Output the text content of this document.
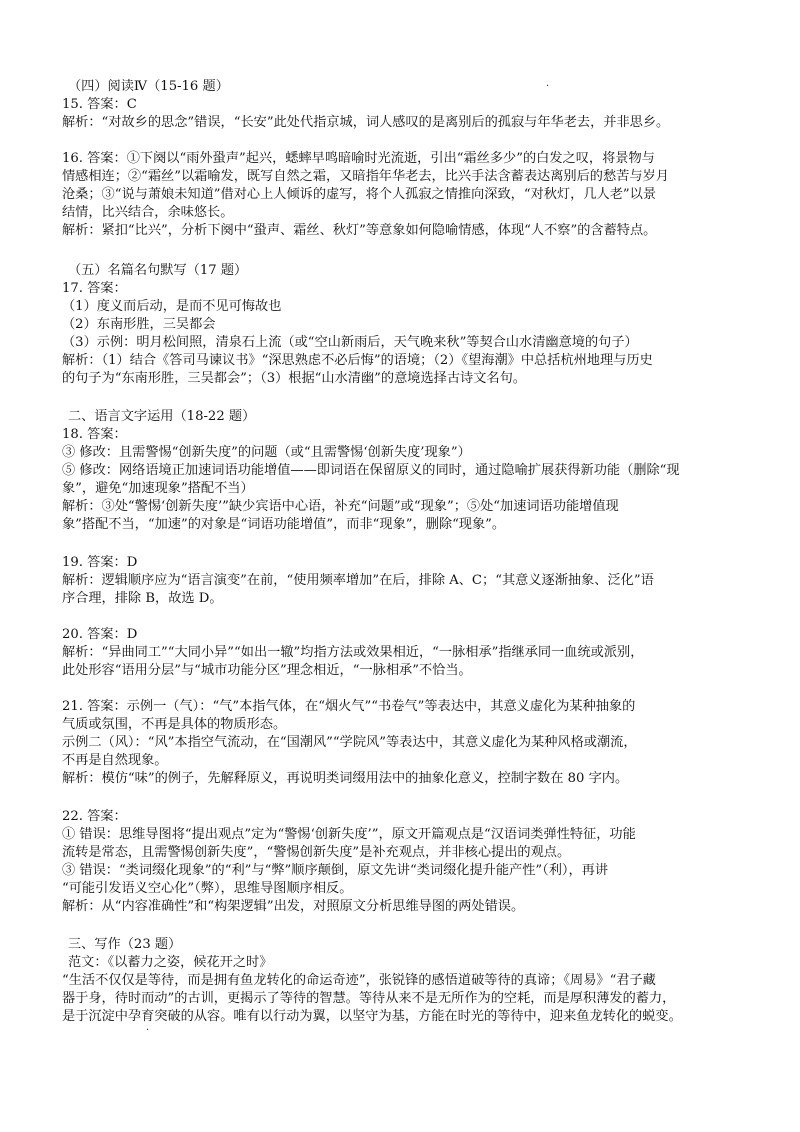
（四）阅读Ⅳ（15-16 题）
15. 答案：C
解析：“对故乡的思念”错误，“长安”此处代指京城，词人感叹的是离别后的孤寂与年华老去，并非思乡。
16. 答案：①下阕以“雨外蛩声”起兴，蟋蟀早鸣暗喻时光流逝，引出“霜丝多少”的白发之叹，将景物与
情感相连；②“霜丝”以霜喻发，既写自然之霜，又暗指年华老去，比兴手法含蓄表达离别后的愁苦与岁月
沧桑；③“说与萧娘未知道”借对心上人倾诉的虚写，将个人孤寂之情推向深致，“对秋灯，几人老”以景
结情，比兴结合，余味悠长。
解析：紧扣“比兴”，分析下阕中“蛩声、霜丝、秋灯”等意象如何隐喻情感，体现“人不察”的含蓄特点。
（五）名篇名句默写（17 题）
17. 答案：
（1）度义而后动，是而不见可悔故也
（2）东南形胜，三吴都会
（3）示例：明月松间照，清泉石上流（或“空山新雨后，天气晚来秋”等契合山水清幽意境的句子）
解析：（1）结合《答司马谏议书》“深思熟虑不必后悔”的语境；（2）《望海潮》中总括杭州地理与历史
的句子为“东南形胜，三吴都会”；（3）根据“山水清幽”的意境选择古诗文名句。
二、语言文字运用（18-22 题）
18. 答案：
③ 修改：且需警惕“创新失度”的问题（或“且需警惕‘创新失度’现象”）
⑤ 修改：网络语境正加速词语功能增值——即词语在保留原义的同时，通过隐喻扩展获得新功能（删除“现
象”，避免“加速现象”搭配不当）
解析：③处“警惕‘创新失度’”缺少宾语中心语，补充“问题”或“现象”；⑤处“加速词语功能增值现
象”搭配不当，“加速”的对象是“词语功能增值”，而非“现象”，删除“现象”。
19. 答案：D
解析：逻辑顺序应为“语言演变”在前，“使用频率增加”在后，排除 A、C；“其意义逐渐抽象、泛化”语
序合理，排除 B，故选 D。
20. 答案：D
解析：“异曲同工”“大同小异”“如出一辙”均指方法或效果相近，“一脉相承”指继承同一血统或派别，
此处形容“语用分层”与“城市功能分区”理念相近，“一脉相承”不恰当。
21. 答案：示例一（气）：“气”本指气体，在“烟火气”“书卷气”等表达中，其意义虚化为某种抽象的
气质或氛围，不再是具体的物质形态。
示例二（风）：“风”本指空气流动，在“国潮风”“学院风”等表达中，其意义虚化为某种风格或潮流，
不再是自然现象。
解析：模仿“味”的例子，先解释原义，再说明类词缀用法中的抽象化意义，控制字数在 80 字内。
22. 答案：
① 错误：思维导图将“提出观点”定为“警惕‘创新失度’”，原文开篇观点是“汉语词类弹性特征，功能
流转是常态，且需警惕创新失度”，“警惕创新失度”是补充观点，并非核心提出的观点。
③ 错误：“类词缀化现象”的“利”与“弊”顺序颠倒，原文先讲“类词缀化提升能产性”（利），再讲
“可能引发语义空心化”（弊），思维导图顺序相反。
解析：从“内容准确性”和“构架逻辑”出发，对照原文分析思维导图的两处错误。
三、写作（23 题）
范文：《以蓄力之姿，候花开之时》
“生活不仅仅是等待，而是拥有鱼龙转化的命运奇迹”，张锐锋的感悟道破等待的真谛；《周易》“君子藏
器于身，待时而动”的古训，更揭示了等待的智慧。等待从来不是无所作为的空耗，而是厚积薄发的蓄力，
是于沉淀中孕育突破的从容。唯有以行动为翼，以坚守为基，方能在时光的等待中，迎来鱼龙转化的蜕变。
·
·
